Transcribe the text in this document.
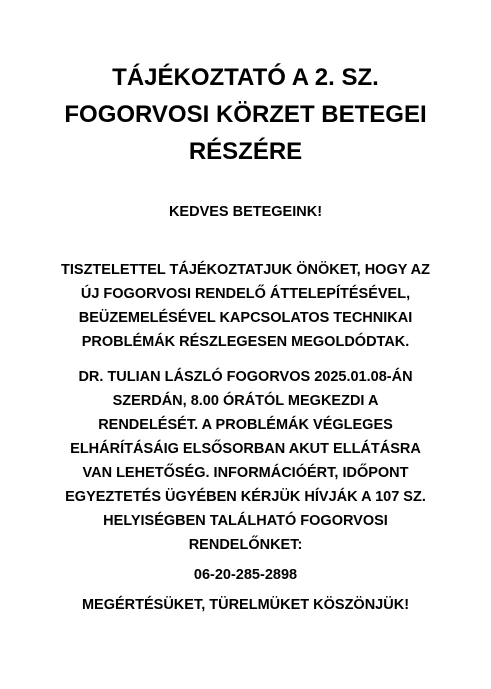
TÁJÉKOZTATÓ A 2. SZ.
FOGORVOSI KÖRZET BETEGEI
RÉSZÉRE

KEDVES BETEGEINK!

TISZTELETTEL TÁJÉKOZTATJUK ÖNÖKET, HOGY AZ
ÚJ FOGORVOSI RENDELŐ ÁTTELEPÍTÉSÉVEL,
BEÜZEMELÉSÉVEL KAPCSOLATOS TECHNIKAI
PROBLÉMÁK RÉSZLEGESEN MEGOLDÓDTAK.

DR. TULIAN LÁSZLÓ FOGORVOS 2025.01.08-ÁN
SZERDÁN, 8.00 ÓRÁTÓL MEGKEZDI A
RENDELÉSÉT. A PROBLÉMÁK VÉGLEGES
ELHÁRÍTÁSÁIG ELSŐSORBAN AKUT ELLÁTÁSRA
VAN LEHETŐSÉG. INFORMÁCIÓÉRT, IDŐPONT
EGYEZTETÉS ÜGYÉBEN KÉRJÜK HÍVJÁK A 107 SZ.
HELYISÉGBEN TALÁLHATÓ FOGORVOSI
RENDELŐNKET:

06-20-285-2898

MEGÉRTÉSÜKET, TÜRELMÜKET KÖSZÖNJÜK!
